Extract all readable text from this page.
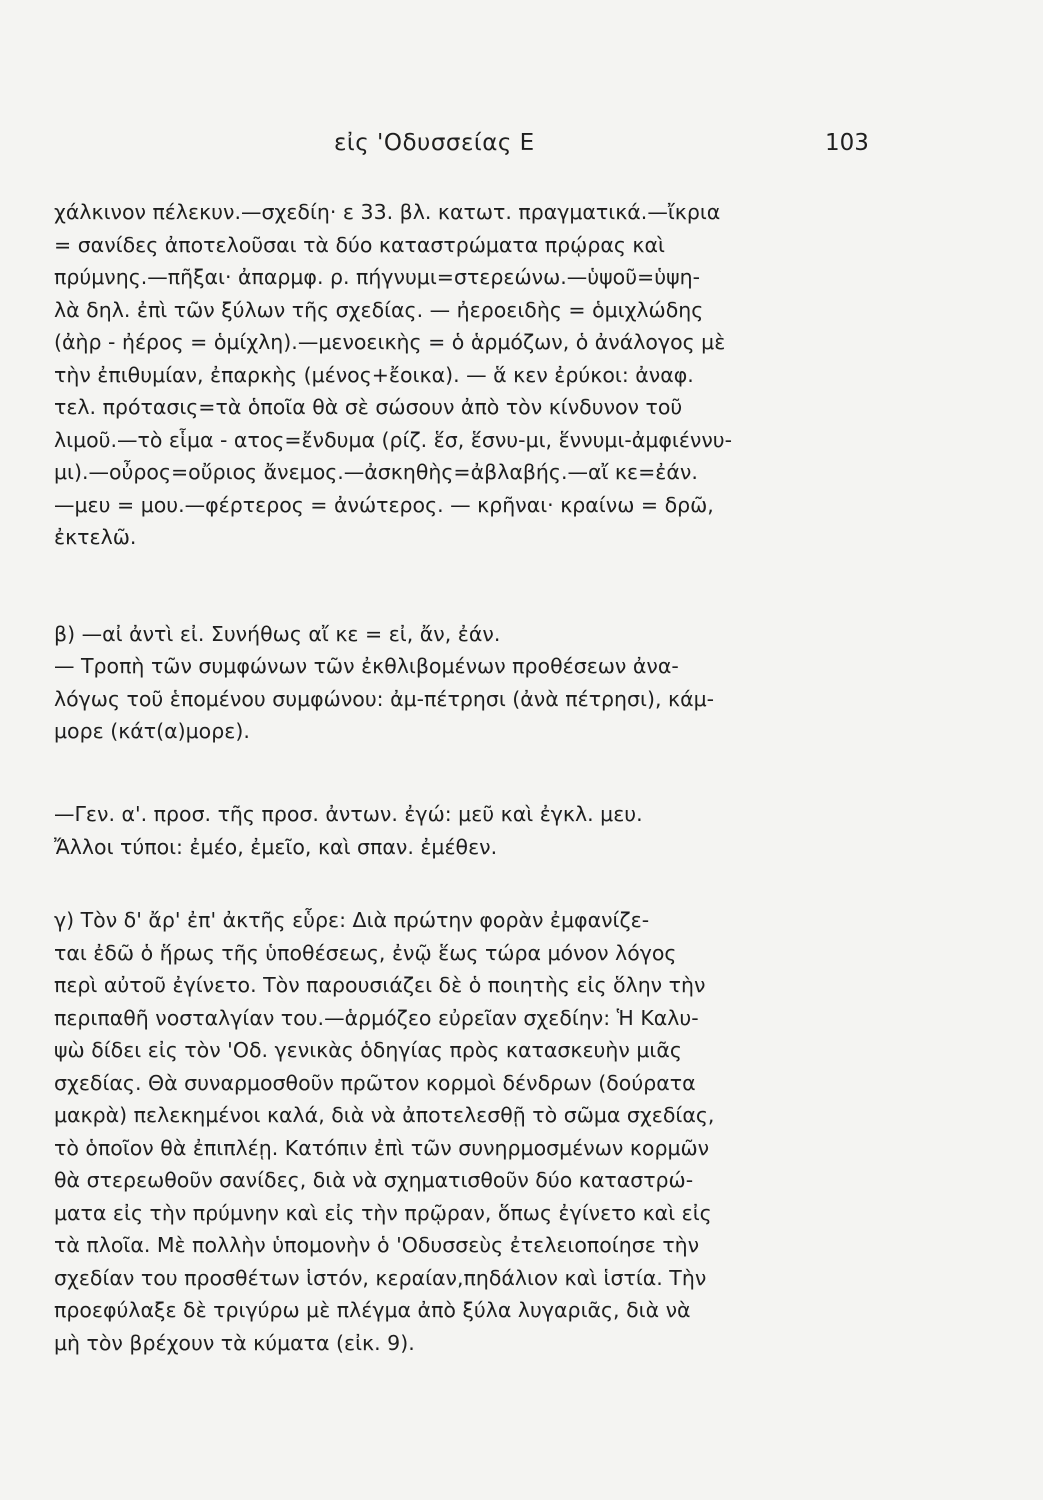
εἰς 'Οδυσσείας Ε	103
χάλκινον πέλεκυν.—σχεδίη· ε 33. βλ. κατωτ. πραγματικά.—ἴκρια
= σανίδες ἀποτελοῦσαι τὰ δύο καταστρώματα πρῴρας καὶ
πρύμνης.—πῆξαι· ἀπαρμφ. ρ. πήγνυμι=στερεώνω.—ὑψοῦ=ὑψη-
λὰ δηλ. ἐπὶ τῶν ξύλων τῆς σχεδίας. — ἠεροειδὴς = ὁμιχλώδης
(ἀὴρ - ἠέρος = ὁμίχλη).—μενοεικὴς = ὁ ἁρμόζων, ὁ ἀνάλογος μὲ
τὴν ἐπιθυμίαν, ἐπαρκὴς (μένος+ἔοικα). — ἅ κεν ἐρύκοι: ἀναφ.
τελ. πρότασις=τὰ ὁποῖα θὰ σὲ σώσουν ἀπὸ τὸν κίνδυνον τοῦ
λιμοῦ.—τὸ εἷμα - ατος=ἔνδυμα (ρίζ. ἕσ, ἕσνυ-μι, ἕννυμι-ἀμφιέννυ-
μι).—οὖρος=οὔριος ἄνεμος.—ἀσκηθὴς=ἀβλαβής.—αἴ κε=ἐάν.
—μευ = μου.—φέρτερος = ἀνώτερος. — κρῆναι· κραίνω = δρῶ,
ἐκτελῶ.
β) —αἰ ἀντὶ εἰ. Συνήθως αἴ κε = εἰ, ἄν, ἐάν.
— Τροπὴ τῶν συμφώνων τῶν ἐκθλιβομένων προθέσεων ἀνα-
λόγως τοῦ ἑπομένου συμφώνου: ἀμ-πέτρησι (ἀνὰ πέτρησι), κάμ-
μορε (κάτ(α)μορε).
—Γεν. α'. προσ. τῆς προσ. ἀντων. ἐγώ: μεῦ καὶ ἐγκλ. μευ.
Ἄλλοι τύποι: ἐμέο, ἐμεῖο, καὶ σπαν. ἐμέθεν.
γ) Τὸν δ' ἄρ' ἐπ' ἀκτῆς εὗρε: Διὰ πρώτην φορὰν ἐμφανίζε-
ται ἐδῶ ὁ ἥρως τῆς ὑποθέσεως, ἐνῷ ἕως τώρα μόνον λόγος
περὶ αὐτοῦ ἐγίνετο. Τὸν παρουσιάζει δὲ ὁ ποιητὴς εἰς ὅλην τὴν
περιπαθῆ νοσταλγίαν του.—ἁρμόζεο εὐρεῖαν σχεδίην: Ἡ Καλυ-
ψὼ δίδει εἰς τὸν 'Οδ. γενικὰς ὁδηγίας πρὸς κατασκευὴν μιᾶς
σχεδίας. Θὰ συναρμοσθοῦν πρῶτον κορμοὶ δένδρων (δούρατα
μακρὰ) πελεκημένοι καλά, διὰ νὰ ἀποτελεσθῇ τὸ σῶμα σχεδίας,
τὸ ὁποῖον θὰ ἐπιπλέῃ. Κατόπιν ἐπὶ τῶν συνηρμοσμένων κορμῶν
θὰ στερεωθοῦν σανίδες, διὰ νὰ σχηματισθοῦν δύο καταστρώ-
ματα εἰς τὴν πρύμνην καὶ εἰς τὴν πρῷραν, ὅπως ἐγίνετο καὶ εἰς
τὰ πλοῖα. Μὲ πολλὴν ὑπομονὴν ὁ 'Οδυσσεὺς ἐτελειοποίησε τὴν
σχεδίαν του προσθέτων ἱστόν, κεραίαν,πηδάλιον καὶ ἱστία. Τὴν
προεφύλαξε δὲ τριγύρω μὲ πλέγμα ἀπὸ ξύλα λυγαριᾶς, διὰ νὰ
μὴ τὸν βρέχουν τὰ κύματα (εἰκ. 9).
